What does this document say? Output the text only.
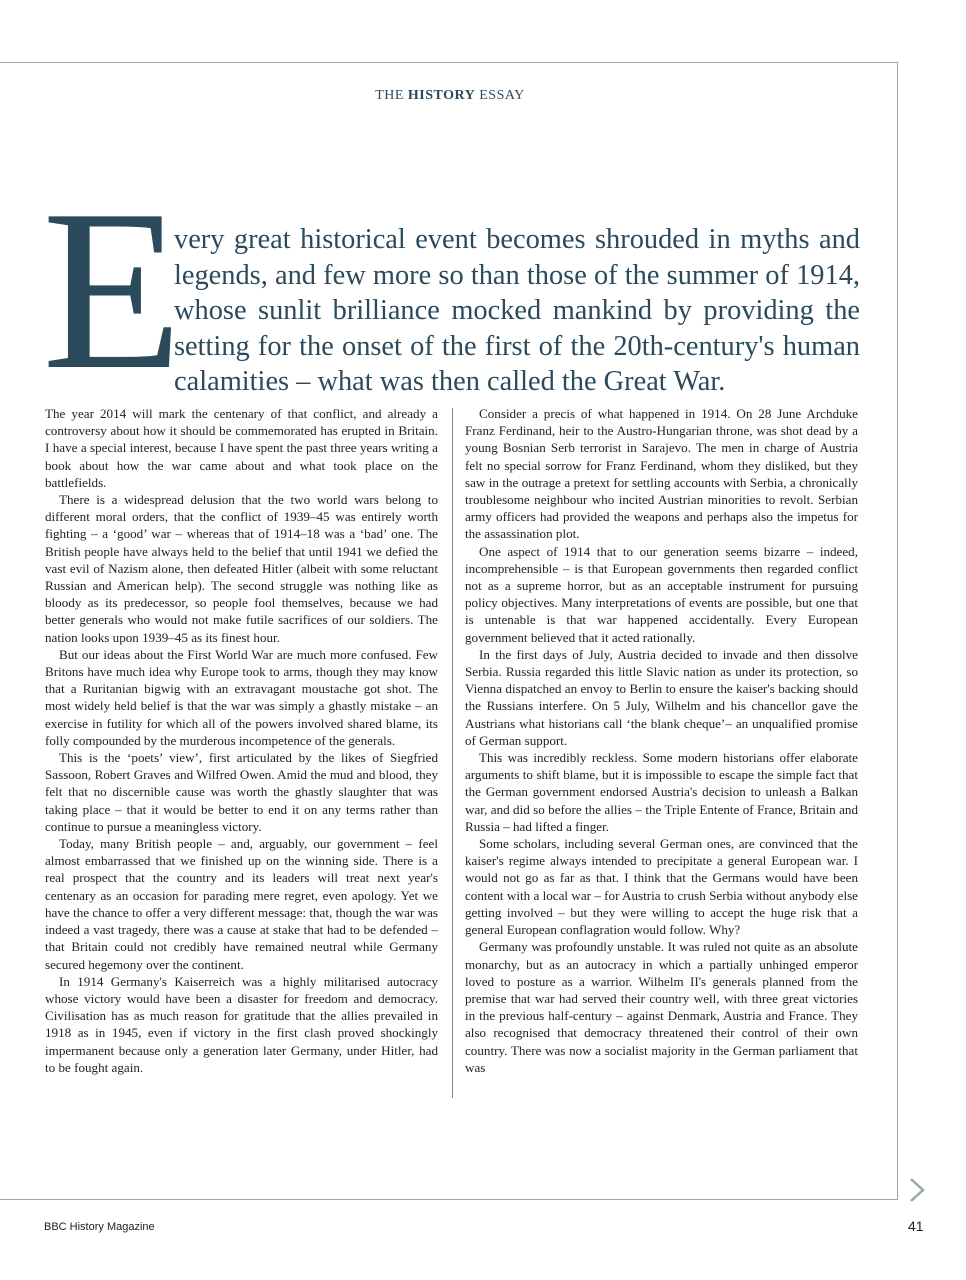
THE HISTORY ESSAY
E
very great historical event becomes shrouded in myths and legends, and few more so than those of the summer of 1914, whose sunlit brilliance mocked mankind by providing the setting for the onset of the first of the 20th-century's human calamities – what was then called the Great War.

The year 2014 will mark the centenary of that conflict, and already a controversy about how it should be commemorated has erupted in Britain. I have a special interest, because I have spent the past three years writing a book about how the war came about and what took place on the battlefields.

There is a widespread delusion that the two world wars belong to different moral orders, that the conflict of 1939–45 was entirely worth fighting – a ‘good’ war – whereas that of 1914–18 was a ‘bad’ one. The British people have always held to the belief that until 1941 we defied the vast evil of Nazism alone, then defeated Hitler (albeit with some reluctant Russian and American help). The second struggle was nothing like as bloody as its predecessor, so people fool themselves, because we had better generals who would not make futile sacrifices of our soldiers. The nation looks upon 1939–45 as its finest hour.

But our ideas about the First World War are much more confused. Few Britons have much idea why Europe took to arms, though they may know that a Ruritanian bigwig with an extravagant moustache got shot. The most widely held belief is that the war was simply a ghastly mistake – an exercise in futility for which all of the powers involved shared blame, its folly compounded by the murderous incompetence of the generals.

This is the ‘poets’ view’, first articulated by the likes of Siegfried Sassoon, Robert Graves and Wilfred Owen. Amid the mud and blood, they felt that no discernible cause was worth the ghastly slaughter that was taking place – that it would be better to end it on any terms rather than continue to pursue a meaningless victory.

Today, many British people – and, arguably, our government – feel almost embarrassed that we finished up on the winning side. There is a real prospect that the country and its leaders will treat next year's centenary as an occasion for parading mere regret, even apology. Yet we have the chance to offer a very different message: that, though the war was indeed a vast tragedy, there was a cause at stake that had to be defended – that Britain could not credibly have remained neutral while Germany secured hegemony over the continent.

In 1914 Germany's Kaiserreich was a highly militarised autocracy whose victory would have been a disaster for freedom and democracy. Civilisation has as much reason for gratitude that the allies prevailed in 1918 as in 1945, even if victory in the first clash proved shockingly impermanent because only a generation later Germany, under Hitler, had to be fought again.

Consider a precis of what happened in 1914. On 28 June Archduke Franz Ferdinand, heir to the Austro-Hungarian throne, was shot dead by a young Bosnian Serb terrorist in Sarajevo. The men in charge of Austria felt no special sorrow for Franz Ferdinand, whom they disliked, but they saw in the outrage a pretext for settling accounts with Serbia, a chronically troublesome neighbour who incited Austrian minorities to revolt. Serbian army officers had provided the weapons and perhaps also the impetus for the assassination plot.

One aspect of 1914 that to our generation seems bizarre – indeed, incomprehensible – is that European governments then regarded conflict not as a supreme horror, but as an acceptable instrument for pursuing policy objectives. Many interpretations of events are possible, but one that is untenable is that war happened accidentally. Every European government believed that it acted rationally.

In the first days of July, Austria decided to invade and then dissolve Serbia. Russia regarded this little Slavic nation as under its protection, so Vienna dispatched an envoy to Berlin to ensure the kaiser's backing should the Russians interfere. On 5 July, Wilhelm and his chancellor gave the Austrians what historians call ‘the blank cheque’– an unqualified promise of German support.

This was incredibly reckless. Some modern historians offer elaborate arguments to shift blame, but it is impossible to escape the simple fact that the German government endorsed Austria's decision to unleash a Balkan war, and did so before the allies – the Triple Entente of France, Britain and Russia – had lifted a finger.

Some scholars, including several German ones, are convinced that the kaiser's regime always intended to precipitate a general European war. I would not go as far as that. I think that the Germans would have been content with a local war – for Austria to crush Serbia without anybody else getting involved – but they were willing to accept the huge risk that a general European conflagration would follow. Why?

Germany was profoundly unstable. It was ruled not quite as an absolute monarchy, but as an autocracy in which a partially unhinged emperor loved to posture as a warrior. Wilhelm II's generals planned from the premise that war had served their country well, with three great victories in the previous half-century – against Denmark, Austria and France. They also recognised that democracy threatened their control of their own country. There was now a socialist majority in the German parliament that was

BBC History Magazine	41
